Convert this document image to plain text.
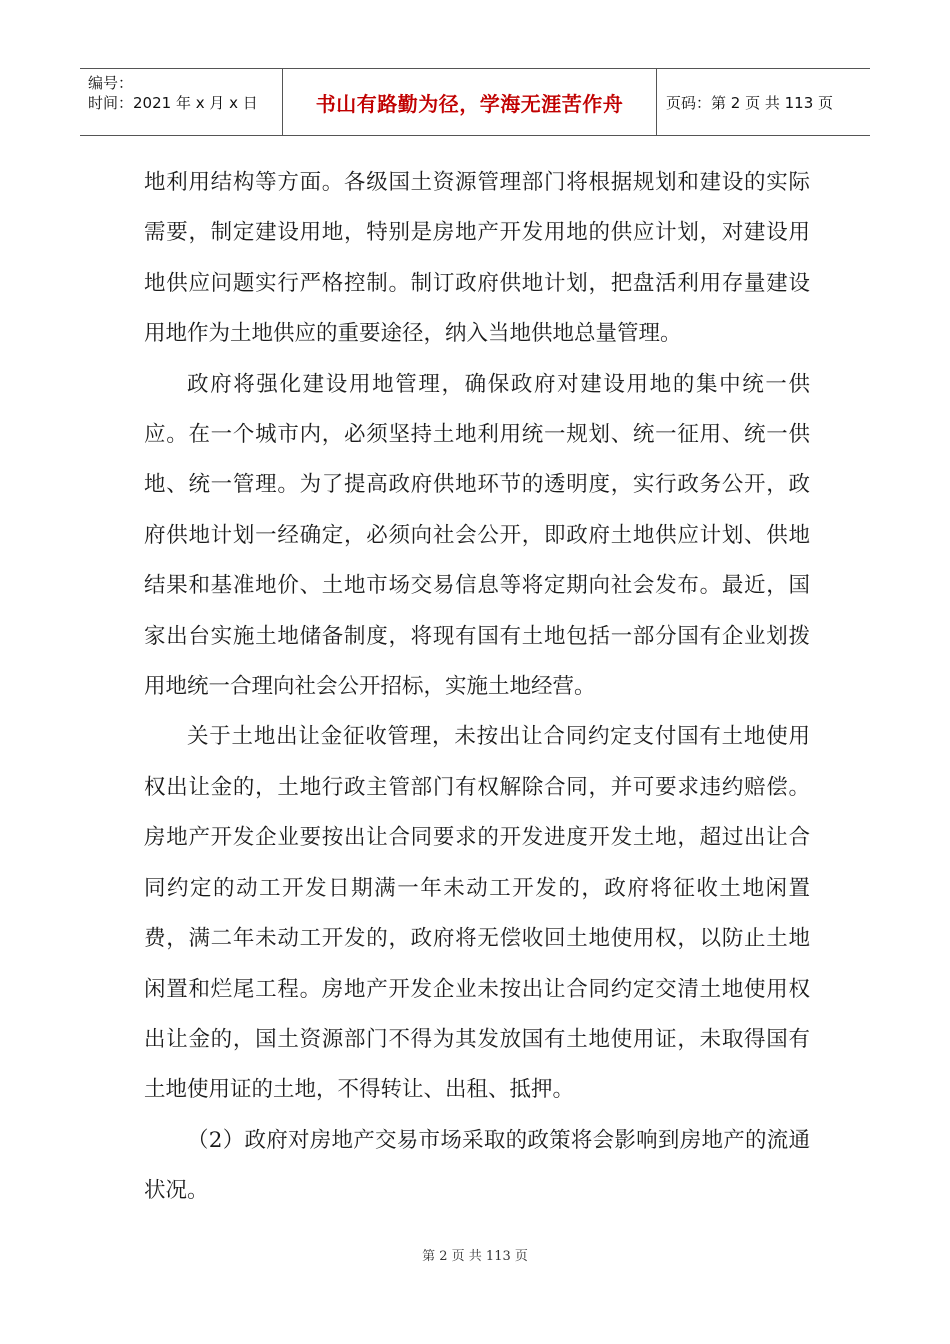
编号：
时间：2021 年 x 月 x 日	书山有路勤为径，学海无涯苦作舟	页码：第 2 页 共 113 页

地利用结构等方面。各级国土资源管理部门将根据规划和建设的实际需要，制定建设用地，特别是房地产开发用地的供应计划，对建设用地供应问题实行严格控制。制订政府供地计划，把盘活利用存量建设用地作为土地供应的重要途径，纳入当地供地总量管理。

政府将强化建设用地管理，确保政府对建设用地的集中统一供应。在一个城市内，必须坚持土地利用统一规划、统一征用、统一供地、统一管理。为了提高政府供地环节的透明度，实行政务公开，政府供地计划一经确定，必须向社会公开，即政府土地供应计划、供地结果和基准地价、土地市场交易信息等将定期向社会发布。最近，国家出台实施土地储备制度，将现有国有土地包括一部分国有企业划拨用地统一合理向社会公开招标，实施土地经营。

关于土地出让金征收管理，未按出让合同约定支付国有土地使用权出让金的，土地行政主管部门有权解除合同，并可要求违约赔偿。房地产开发企业要按出让合同要求的开发进度开发土地，超过出让合同约定的动工开发日期满一年未动工开发的，政府将征收土地闲置费，满二年未动工开发的，政府将无偿收回土地使用权，以防止土地闲置和烂尾工程。房地产开发企业未按出让合同约定交清土地使用权出让金的，国土资源部门不得为其发放国有土地使用证，未取得国有土地使用证的土地，不得转让、出租、抵押。

（2）政府对房地产交易市场采取的政策将会影响到房地产的流通状况。

第 2 页 共 113 页
